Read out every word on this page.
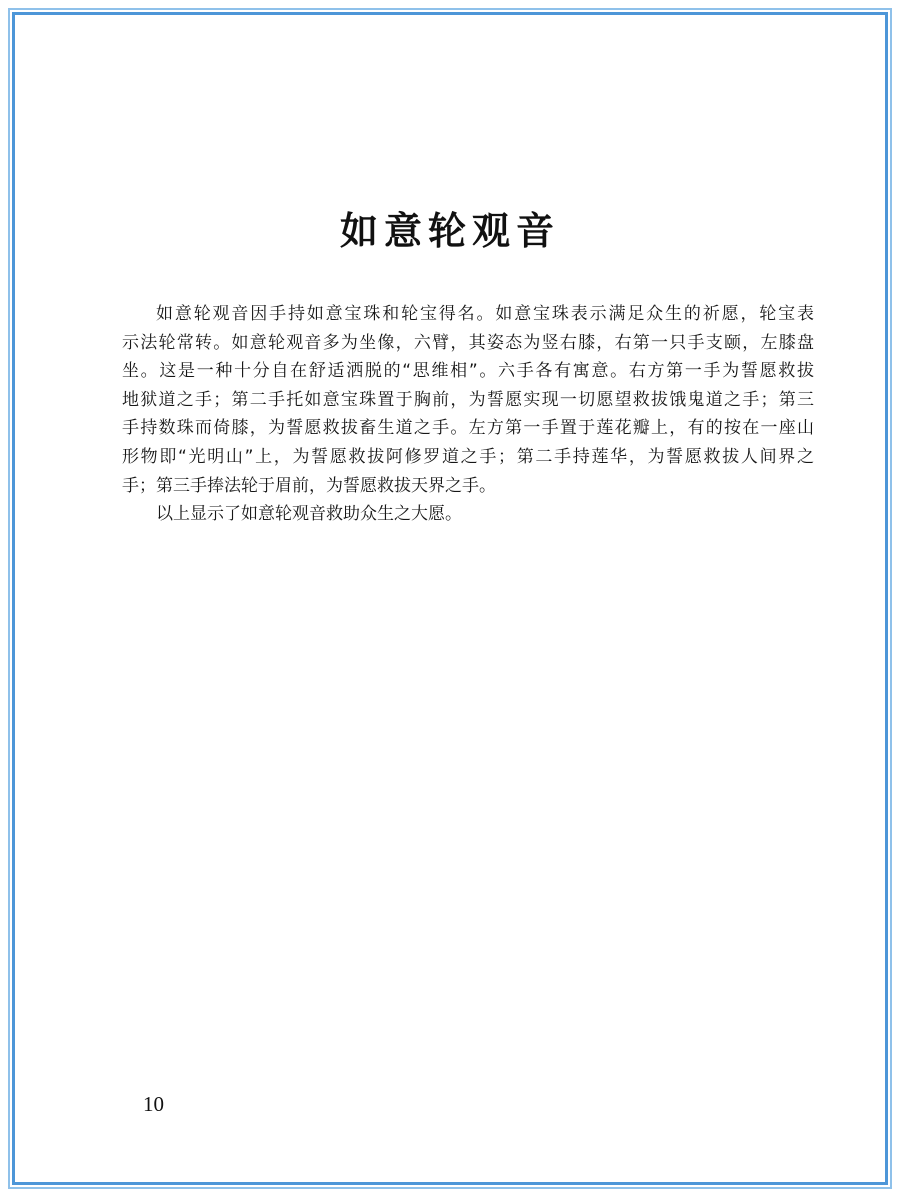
如意轮观音
如意轮观音因手持如意宝珠和轮宝得名。如意宝珠表示满足众生的祈愿，轮宝表
示法轮常转。如意轮观音多为坐像，六臂，其姿态为竖右膝，右第一只手支颐，左膝盘
坐。这是一种十分自在舒适洒脱的“思维相”。六手各有寓意。右方第一手为誓愿救拔
地狱道之手；第二手托如意宝珠置于胸前，为誓愿实现一切愿望救拔饿鬼道之手；第三
手持数珠而倚膝，为誓愿救拔畜生道之手。左方第一手置于莲花瓣上，有的按在一座山
形物即“光明山”上，为誓愿救拔阿修罗道之手；第二手持莲华，为誓愿救拔人间界之
手；第三手捧法轮于眉前，为誓愿救拔天界之手。
以上显示了如意轮观音救助众生之大愿。
10
